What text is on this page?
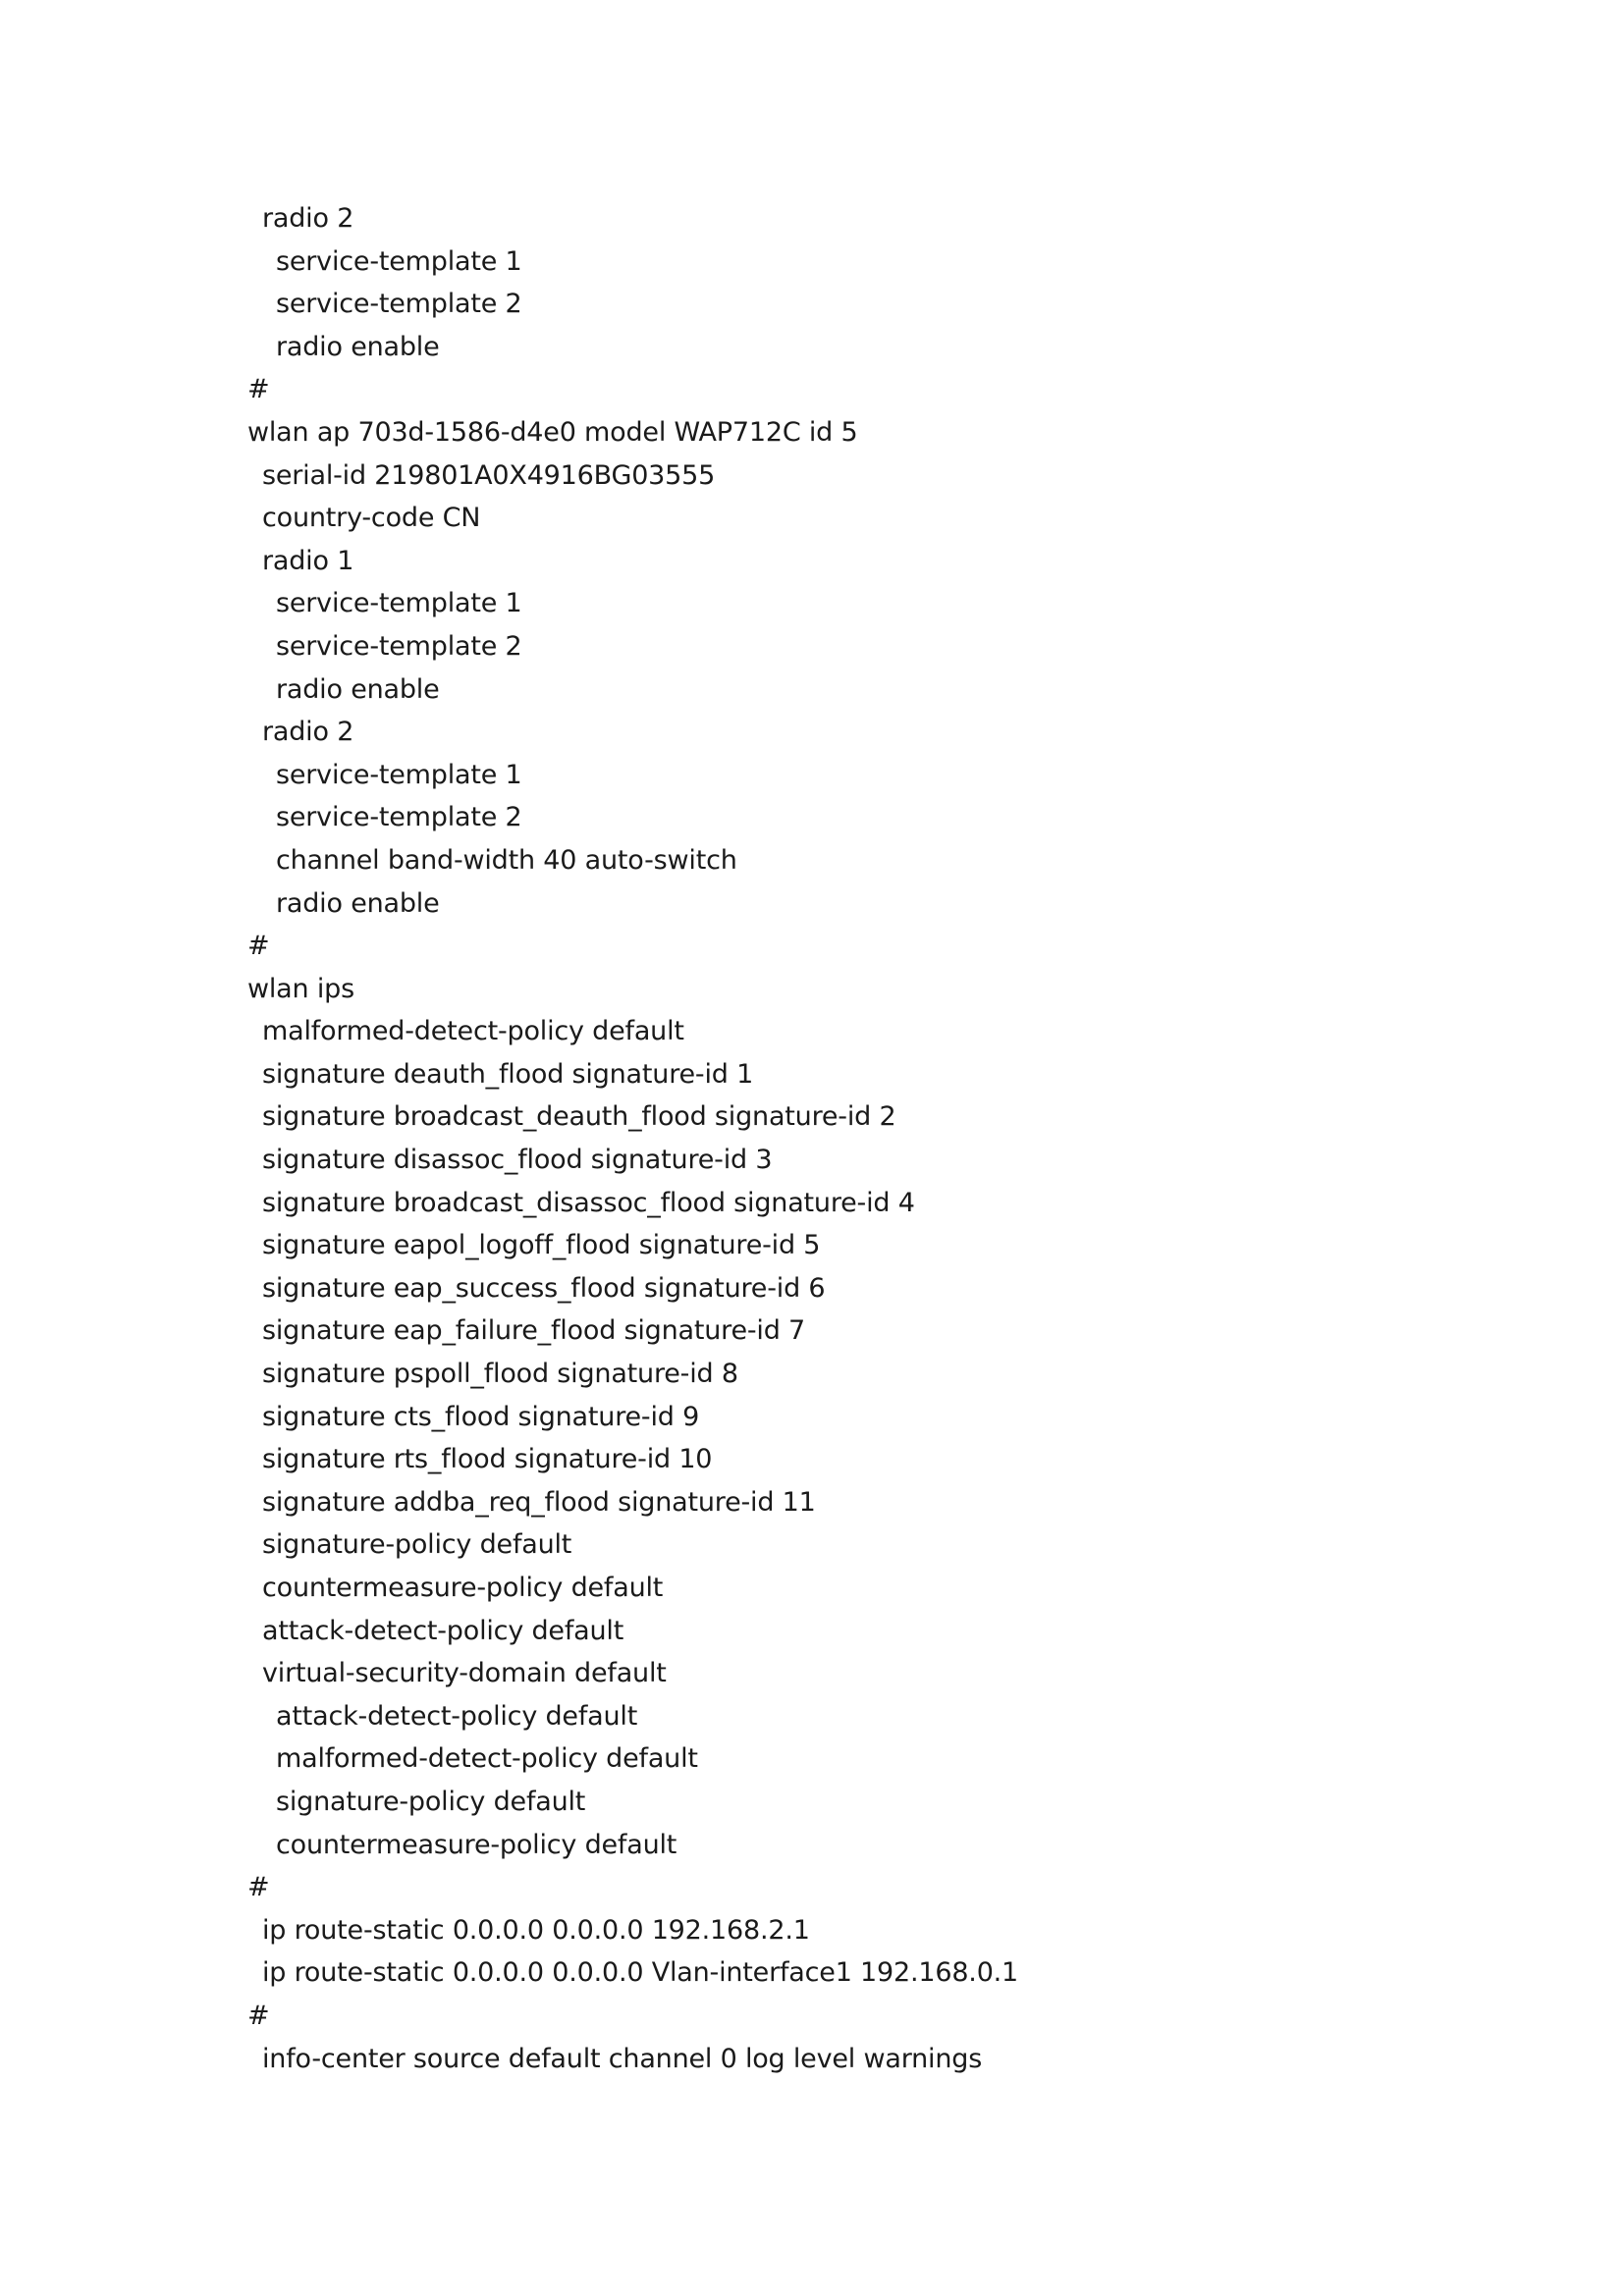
radio 2
service-template 1
service-template 2
radio enable
#
wlan ap 703d-1586-d4e0 model WAP712C id 5
serial-id 219801A0X4916BG03555
country-code CN
radio 1
service-template 1
service-template 2
radio enable
radio 2
service-template 1
service-template 2
channel band-width 40 auto-switch
radio enable
#
wlan ips
malformed-detect-policy default
signature deauth_flood signature-id 1
signature broadcast_deauth_flood signature-id 2
signature disassoc_flood signature-id 3
signature broadcast_disassoc_flood signature-id 4
signature eapol_logoff_flood signature-id 5
signature eap_success_flood signature-id 6
signature eap_failure_flood signature-id 7
signature pspoll_flood signature-id 8
signature cts_flood signature-id 9
signature rts_flood signature-id 10
signature addba_req_flood signature-id 11
signature-policy default
countermeasure-policy default
attack-detect-policy default
virtual-security-domain default
attack-detect-policy default
malformed-detect-policy default
signature-policy default
countermeasure-policy default
#
ip route-static 0.0.0.0 0.0.0.0 192.168.2.1
ip route-static 0.0.0.0 0.0.0.0 Vlan-interface1 192.168.0.1
#
info-center source default channel 0 log level warnings
